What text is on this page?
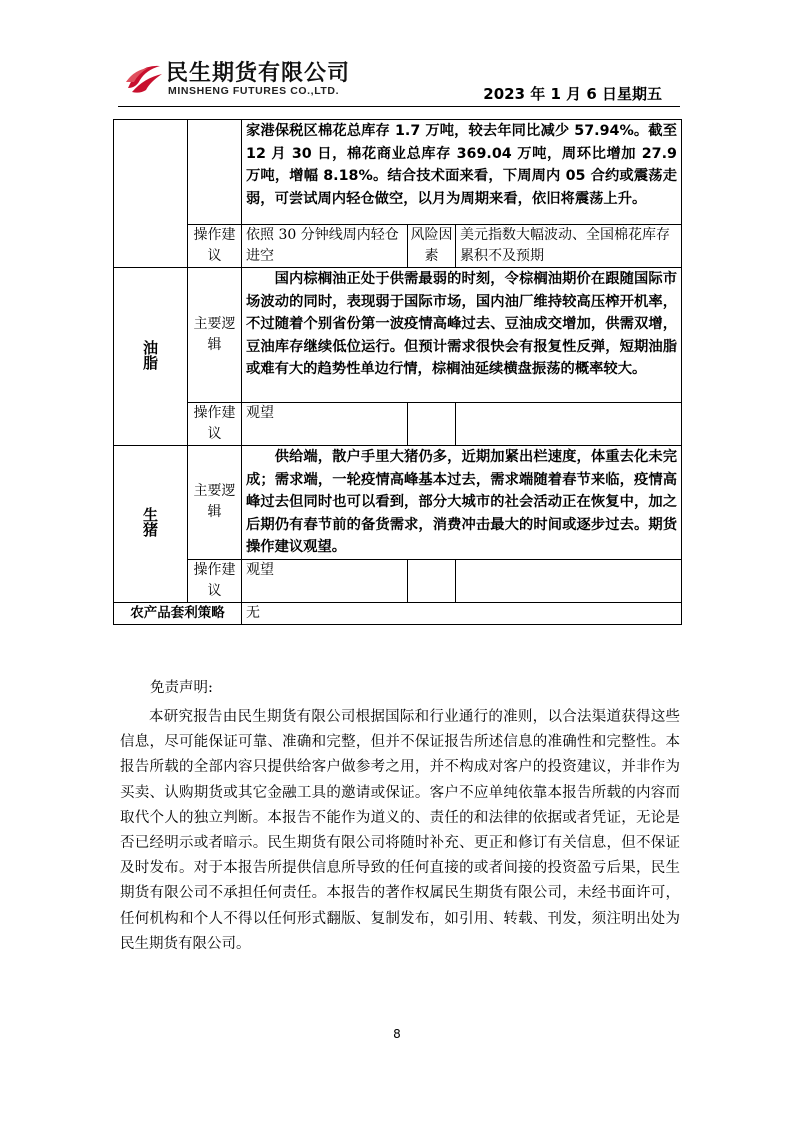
民生期货有限公司
MINSHENG FUTURES CO.,LTD.	2023 年 1 月 6 日星期五
		家港保税区棉花总库存 1.7 万吨，较去年同比减少 57.94%。截至 12 月 30 日，棉花商业总库存 369.04 万吨，周环比增加 27.9 万吨，增幅 8.18%。结合技术面来看，下周周内 05 合约或震荡走弱，可尝试周内轻仓做空，以月为周期来看，依旧将震荡上升。		
	操作建议	依照 30 分钟线周内轻仓进空	风险因素	美元指数大幅波动、全国棉花库存累积不及预期
油脂	主要逻辑	国内棕榈油正处于供需最弱的时刻，令棕榈油期价在跟随国际市场波动的同时，表现弱于国际市场，国内油厂维持较高压榨开机率，不过随着个别省份第一波疫情高峰过去、豆油成交增加，供需双增，豆油库存继续低位运行。但预计需求很快会有报复性反弹，短期油脂或难有大的趋势性单边行情，棕榈油延续横盘振荡的概率较大。		
	操作建议	观望		
生猪	主要逻辑	供给端，散户手里大猪仍多，近期加紧出栏速度，体重去化未完成；需求端，一轮疫情高峰基本过去，需求端随着春节来临，疫情高峰过去但同时也可以看到，部分大城市的社会活动正在恢复中，加之后期仍有春节前的备货需求，消费冲击最大的时间或逐步过去。期货操作建议观望。		
	操作建议	观望		
农产品套利策略		无		
免责声明:
本研究报告由民生期货有限公司根据国际和行业通行的准则，以合法渠道获得这些信息，尽可能保证可靠、准确和完整，但并不保证报告所述信息的准确性和完整性。本报告所载的全部内容只提供给客户做参考之用，并不构成对客户的投资建议，并非作为买卖、认购期货或其它金融工具的邀请或保证。客户不应单纯依靠本报告所载的内容而取代个人的独立判断。本报告不能作为道义的、责任的和法律的依据或者凭证，无论是否已经明示或者暗示。民生期货有限公司将随时补充、更正和修订有关信息，但不保证及时发布。对于本报告所提供信息所导致的任何直接的或者间接的投资盈亏后果，民生期货有限公司不承担任何责任。本报告的著作权属民生期货有限公司，未经书面许可，任何机构和个人不得以任何形式翻版、复制发布，如引用、转载、刊发，须注明出处为民生期货有限公司。
8
